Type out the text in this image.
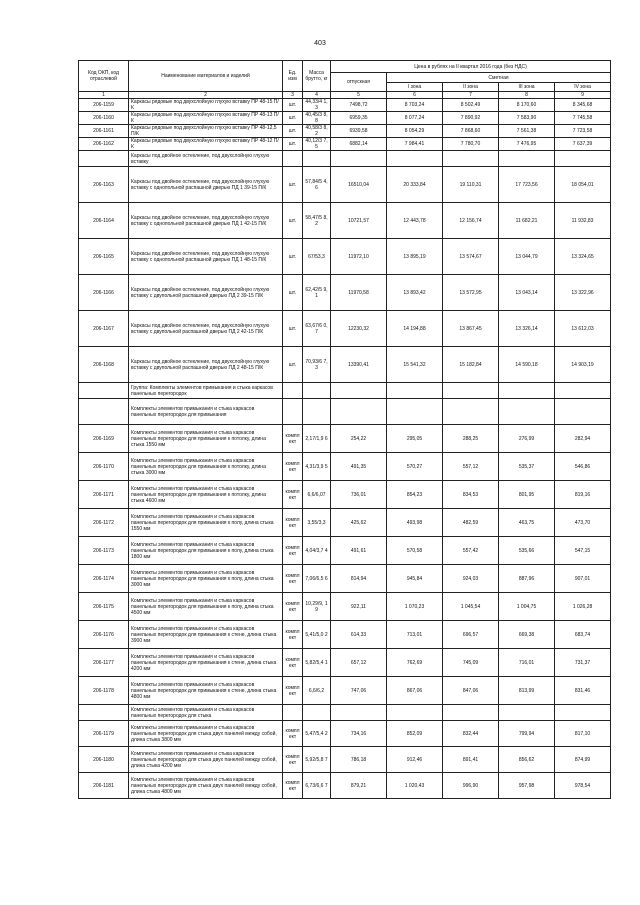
403
Код ОКП, код отраслевой	Наименование материалов и изделий	Ед. изм	Масса брутто, кг	Цена в рублях на II квартал 2016 года (без НДС)				
				отпускная	Сметная			
					I зона	II зона	III зона	IV зона
1	2	3	4	5	6	7	8	9
206-1159	Каркасы рядовые под двухслойную глухую вставку ПР 48-15 П/К	шт.	44,33/4 1,3	7498,72	8 703,24	8 502,49	8 170,60	8 345,68
206-1160	Каркасы рядовые под двухслойную глухую вставку ПР 48-13 П/К	шт.	40,45/3 8,8	6959,35	8 077,24	7 890,92	7 583,90	7 745,58
206-1161	Каркасы рядовые под двухслойную глухую вставку ПР 48-12,5 П/К	шт.	40,58/3 8,2	6939,58	8 054,29	7 868,60	7 561,38	7 723,58
206-1162	Каркасы рядовые под двухслойную глухую вставку ПР 48-12 П/К	шт.	40,12/3 7,5	6882,14	7 984,41	7 780,70	7 476,95	7 637,39
	Каркасы под двойное остекление, под двухслойную глухую вставку							
206-1163	Каркасы под двойное остекление, под двухслойную глухую вставку с однопольной распашной дверью ПД 1 39-15 П/К	шт.	57,84/5 4,6	16510,04	20 333,84	19 110,31	17 723,56	18 054,01
206-1164	Каркасы под двойное остекление, под двухслойную глухую вставку с однопольной распашной дверью ПД 1 42-15 П/К	шт.	58,47/5 8,2	10721,57	12 443,78	12 156,74	11 682,21	11 932,83
206-1165	Каркасы под двойное остекление, под двухслойную глухую вставку с однопольной распашной дверью ПД 1 48-15 П/К	шт.	67/53,3	11972,10	13 895,19	13 574,67	13 044,79	13 324,65
206-1166	Каркасы под двойное остекление, под двухслойную глухую вставку с двупольной распашной дверью ПД 2 39-15 П/К	шт.	62,42/5 9,1	11970,58	13 893,42	13 572,95	13 043,14	13 322,96
206-1167	Каркасы под двойное остекление, под двухслойную глухую вставку с двупольной распашной дверью ПД 2 42-15 П/К	шт.	63,67/6 0,7	12230,32	14 194,88	13 867,45	13 326,14	13 612,03
206-1168	Каркасы под двойное остекление, под двухслойную глухую вставку с двупольной распашной дверью ПД 2 48-15 П/К	шт.	70,93/6 7,3	13390,41	15 541,32	15 182,84	14 590,18	14 903,19
	Группа: Комплекты элементов примыкания и стыка каркасов панельных перегородок							
	Комплекты элементов примыкания и стыка каркасов панельных перегородок для примыкания							
206-1169	Комплекты элементов примыкания и стыка каркасов панельных перегородок для примыкания к потолку, длина стыка 1550 мм	компл ект	2,17/1,9 6	254,22	295,05	288,25	276,99	282,94
206-1170	Комплекты элементов примыкания и стыка каркасов панельных перегородок для примыкания к потолку, длина стыка 3000 мм	компл ект	4,31/3,9 5	491,35	570,27	557,12	535,37	546,86
206-1171	Комплекты элементов примыкания и стыка каркасов панельных перегородок для примыкания к потолку, длина стыка 4600 мм	компл ект	6,6/6,07	736,01	854,23	834,53	801,95	819,16
206-1172	Комплекты элементов примыкания и стыка каркасов панельных перегородок для примыкания к полу, длина стыка 1550 мм	компл ект	3,55/3,3	425,62	493,98	482,59	463,75	473,70
206-1173	Комплекты элементов примыкания и стыка каркасов панельных перегородок для примыкания к полу, длина стыка 1800 мм	компл ект	4,04/3,7 4	491,61	570,58	557,42	535,66	547,15
206-1174	Комплекты элементов примыкания и стыка каркасов панельных перегородок для примыкания к полу, длина стыка 3000 мм	компл ект	7,06/6,5 6	814,94	945,84	924,03	887,96	907,01
206-1175	Комплекты элементов примыкания и стыка каркасов панельных перегородок для примыкания к полу, длина стыка 4500 мм	компл ект	10,29/9, 19	922,11	1 070,23	1 045,54	1 004,75	1 026,28
206-1176	Комплекты элементов примыкания и стыка каркасов панельных перегородок для примыкания к стене, длина стыка 3900 мм	компл ект	5,41/5,0 2	614,33	713,01	696,57	669,38	683,74
206-1177	Комплекты элементов примыкания и стыка каркасов панельных перегородок для примыкания к стене, длина стыка 4200 мм	компл ект	5,82/5,4 1	657,12	762,69	745,09	716,01	731,37
206-1178	Комплекты элементов примыкания и стыка каркасов панельных перегородок для примыкания к стене, длина стыка 4800 мм	компл ект	6,6/6,2	747,06	867,06	847,06	813,99	831,46
	Комплекты элементов примыкания и стыка каркасов панельных перегородок для стыка							
206-1179	Комплекты элементов примыкания и стыка каркасов панельных перегородок для стыка двух панелей между собой, длина стыка 3800 мм	компл ект	5,47/5,4 2	734,16	852,09	832,44	799,94	817,10
206-1180	Комплекты элементов примыкания и стыка каркасов панельных перегородок для стыка двух панелей между собой, длина стыка 4200 мм	компл ект	5,92/5,8 7	786,18	912,46	891,41	856,62	874,99
206-1181	Комплекты элементов примыкания и стыка каркасов панельных перегородок для стыка двух панелей между собой, длина стыка 4800 мм	компл ект	6,73/6,6 7	879,21	1 020,43	996,90	957,98	978,54
